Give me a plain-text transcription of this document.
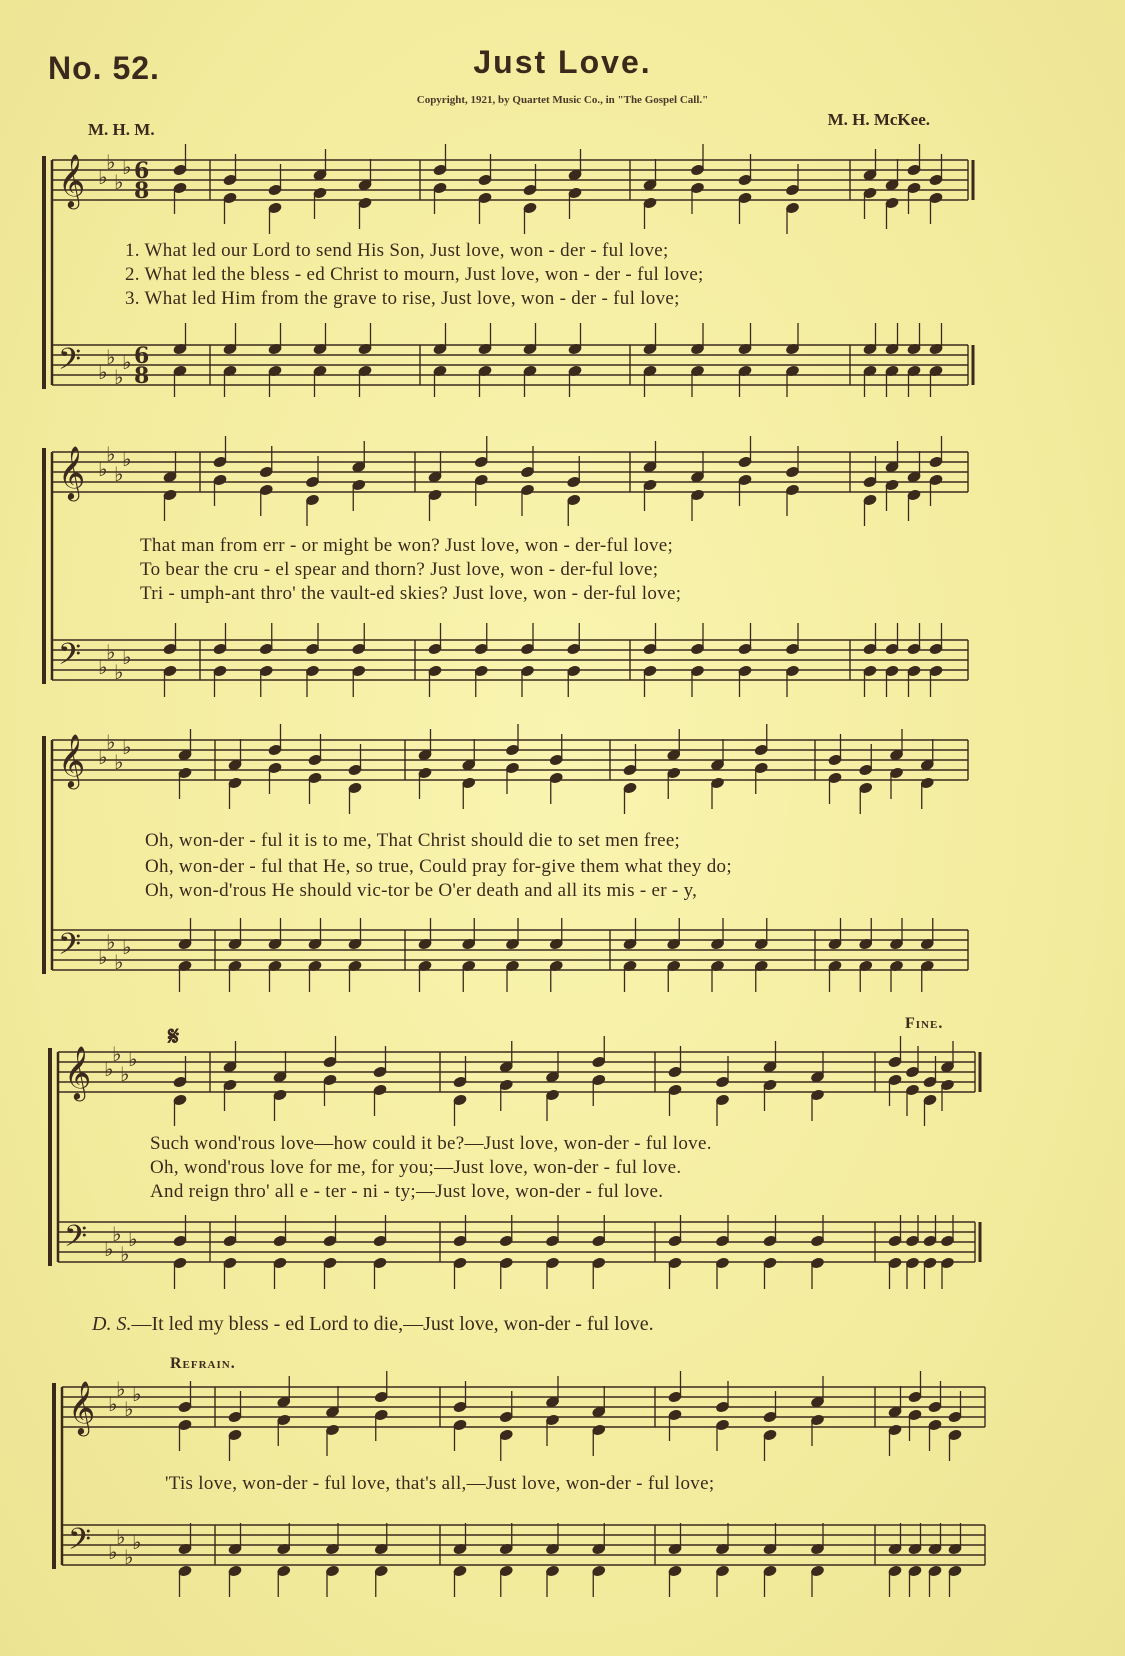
No. 52.	Just Love.
Copyright, 1921, by Quartet Music Co., in "The Gospel Call."
M. H. M.
M. H. McKee.
𝄞
𝄢
♭
♭
♭
♭
♭
♭
♭
♭
6
6
8
8
𝄞
𝄢
♭
♭
♭
♭
♭
♭
♭
♭
𝄞
𝄢
♭
♭
♭
♭
♭
♭
♭
♭
𝄞
𝄢
♭
♭
♭
♭
♭
♭
♭
♭
𝄞
𝄢
♭
♭
♭
♭
♭
♭
♭
♭
1. What led our Lord to send His Son, Just love, won - der - ful love;
2. What led the bless - ed Christ to mourn, Just love, won - der - ful love;
3. What led Him from the grave to rise, Just love, won - der - ful love;
That man from err - or might be won? Just love, won - der-ful love;
To bear the cru - el spear and thorn? Just love, won - der-ful love;
Tri - umph-ant thro' the vault-ed skies? Just love, won - der-ful love;
Oh, won-der - ful it is to me, That Christ should die to set men free;
Oh, won-der - ful that He, so true, Could pray for-give them what they do;
Oh, won-d'rous He should vic-tor be O'er death and all its mis - er - y,
𝄋	Fine.
Such wond'rous love—how could it be?—Just love, won-der - ful love.
Oh, wond'rous love for me, for you;—Just love, won-der - ful love.
And reign thro' all e - ter - ni - ty;—Just love, won-der - ful love.
D. S.—It led my bless - ed Lord to die,—Just love, won-der - ful love.
Refrain.
'Tis love, won-der - ful love, that's all,—Just love, won-der - ful love;
